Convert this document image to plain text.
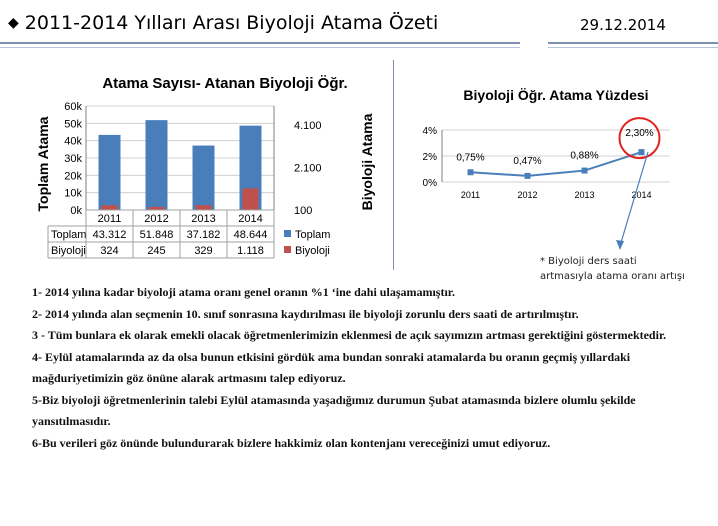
◆ 2011-2014 Yılları Arası Biyoloji Atama Özeti	29.12.2014
Atama Sayısı- Atanan Biyoloji Öğr.
0k
10k
20k
30k
40k
50k
60k
100
2.100
4.100
Toplam Atama	Biyoloji Atama
2011 2012 2013 2014
Toplam 43.312 51.848 37.182 48.644
Biyoloji 324	245	329 1.118
Toplam
Biyoloji
Biyoloji Öğr. Atama Yüzdesi
0%
2%
4%
2011	2012	2013	2014
0,75%	0,47%	0,88%
2,30%
* Biyoloji ders saati
artmasıyla atama oranı artışı

1- 2014 yılına kadar biyoloji atama oranı genel oranın %1 ‘ine dahi ulaşamamıştır.

2- 2014 yılında alan seçmenin 10. sınıf sonrasına kaydırılması ile biyoloji zorunlu ders saati de artırılmıştır.

3 - Tüm bunlara ek olarak emekli olacak öğretmenlerimizin eklenmesi de açık sayımızın artması gerektiğini göstermektedir.

4- Eylül atamalarında az da olsa bunun etkisini gördük ama bundan sonraki atamalarda bu oranın geçmiş yıllardaki mağduriyetimizin göz önüne alarak artmasını talep ediyoruz.

5-Biz biyoloji öğretmenlerinin talebi Eylül atamasında yaşadığımız durumun Şubat atamasında bizlere olumlu şekilde yansıtılmasıdır.

6-Bu verileri göz önünde bulundurarak bizlere hakkimiz olan kontenjanı vereceğinizi umut ediyoruz.
